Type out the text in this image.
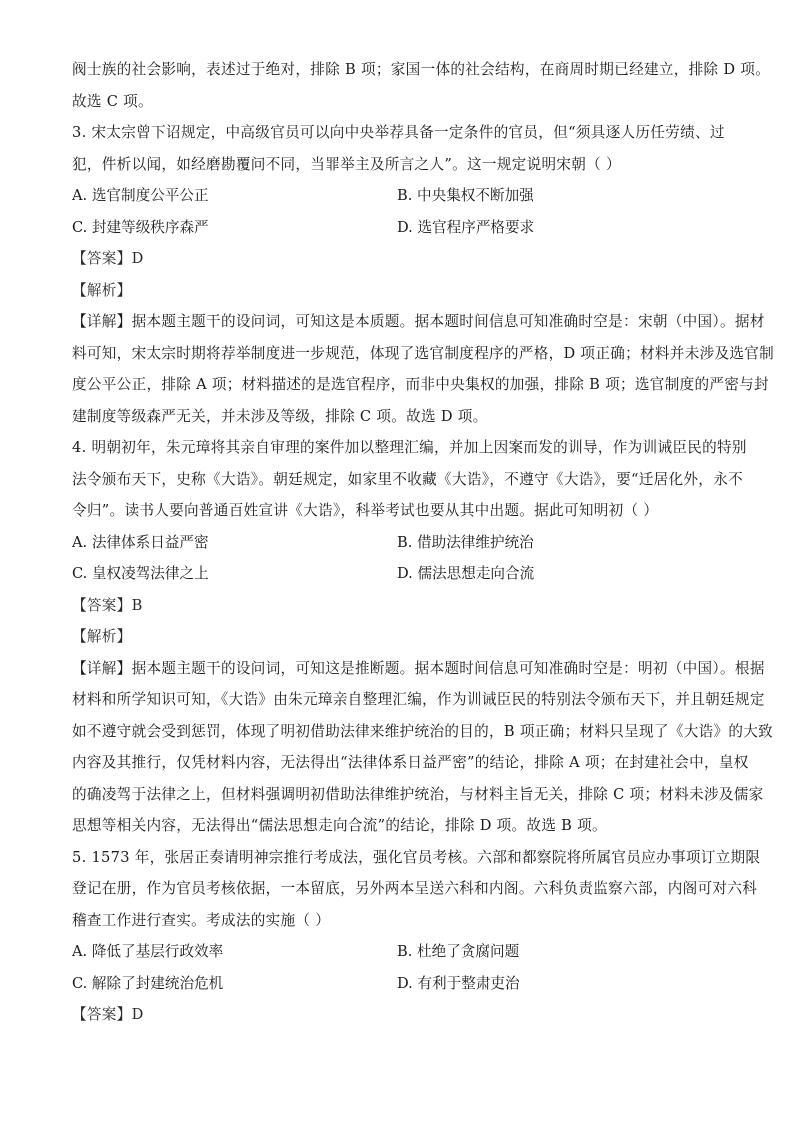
阀士族的社会影响，表述过于绝对，排除 B 项；家国一体的社会结构，在商周时期已经建立，排除 D 项。

故选 C 项。

3. 宋太宗曾下诏规定，中高级官员可以向中央举荐具备一定条件的官员，但“须具逐人历任劳绩、过

犯，件析以闻，如经磨勘覆问不同，当罪举主及所言之人”。这一规定说明宋朝（ ）

A. 选官制度公平公正	B. 中央集权不断加强
C. 封建等级秩序森严	D. 选官程序严格要求

【答案】D

【解析】

【详解】据本题主题干的设问词，可知这是本质题。据本题时间信息可知准确时空是：宋朝（中国）。据材

料可知，宋太宗时期将荐举制度进一步规范，体现了选官制度程序的严格，D 项正确；材料并未涉及选官制

度公平公正，排除 A 项；材料描述的是选官程序，而非中央集权的加强，排除 B 项；选官制度的严密与封

建制度等级森严无关，并未涉及等级，排除 C 项。故选 D 项。

4. 明朝初年，朱元璋将其亲自审理的案件加以整理汇编，并加上因案而发的训导，作为训诫臣民的特别

法令颁布天下，史称《大诰》。朝廷规定，如家里不收藏《大诰》，不遵守《大诰》，要“迁居化外，永不

令归”。读书人要向普通百姓宣讲《大诰》，科举考试也要从其中出题。据此可知明初（ ）

A. 法律体系日益严密	B. 借助法律维护统治
C. 皇权凌驾法律之上	D. 儒法思想走向合流

【答案】B

【解析】

【详解】据本题主题干的设问词，可知这是推断题。据本题时间信息可知准确时空是：明初（中国）。根据

材料和所学知识可知，《大诰》由朱元璋亲自整理汇编，作为训诫臣民的特别法令颁布天下，并且朝廷规定

如不遵守就会受到惩罚，体现了明初借助法律来维护统治的目的，B 项正确；材料只呈现了《大诰》的大致

内容及其推行，仅凭材料内容，无法得出“法律体系日益严密”的结论，排除 A 项；在封建社会中，皇权

的确凌驾于法律之上，但材料强调明初借助法律维护统治，与材料主旨无关，排除 C 项；材料未涉及儒家

思想等相关内容，无法得出“儒法思想走向合流”的结论，排除 D 项。故选 B 项。

5. 1573 年，张居正奏请明神宗推行考成法，强化官员考核。六部和都察院将所属官员应办事项订立期限

登记在册，作为官员考核依据，一本留底，另外两本呈送六科和内阁。六科负责监察六部，内阁可对六科

稽查工作进行查实。考成法的实施（ ）

A. 降低了基层行政效率	B. 杜绝了贪腐问题
C. 解除了封建统治危机	D. 有利于整肃吏治

【答案】D
